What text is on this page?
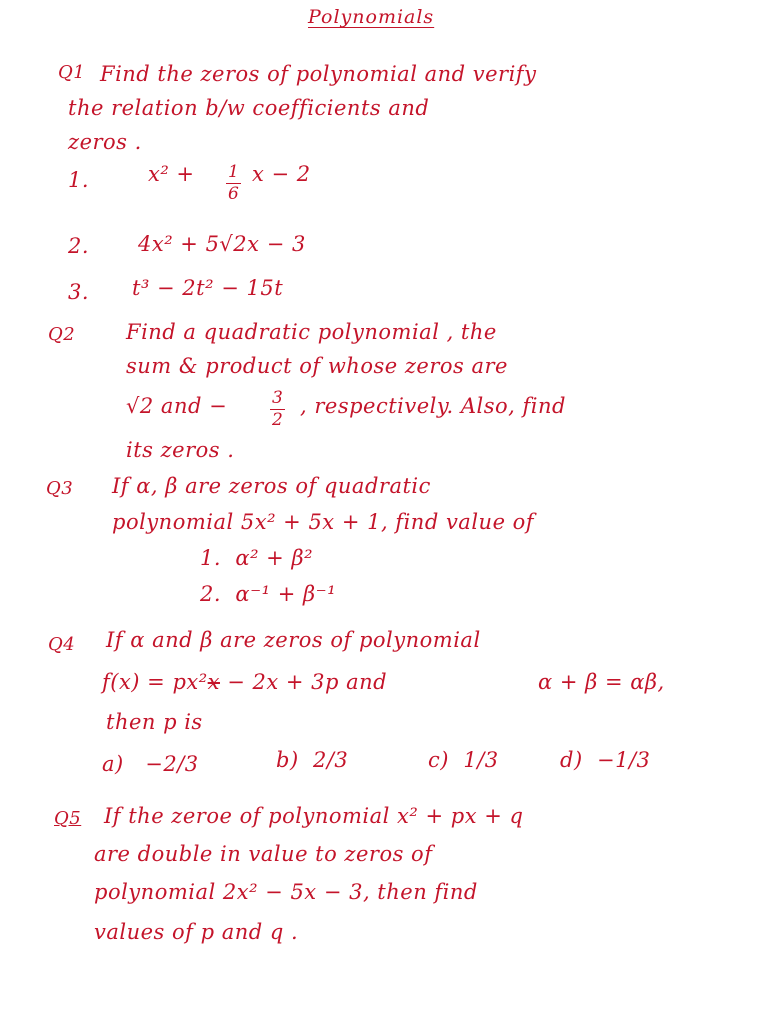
Polynomials
Q1 Find the zeros of polynomial and verify
the relation b/w coefficients and
zeros .
1.	x² + 1
6
x − 2
2. 4x² + 5√2x − 3
3. t³ − 2t² − 15t
Q2 Find a quadratic polynomial , the
sum & product of whose zeros are
√2 and −	3
2
, respectively. Also, find
its zeros .
Q3 If α, β are zeros of quadratic
polynomial 5x² + 5x + 1, find value of
1. α² + β²
2. α⁻¹ + β⁻¹
Q4 If α and β are zeros of polynomial
f(x) = px²x − 2x + 3p and	α + β = αβ,
then p is
a) −2/3	b) 2/3	c) 1/3	d) −1/3
Q5 If the zeroe of polynomial x² + px + q
are double in value to zeros of
polynomial 2x² − 5x − 3, then find
values of p and q .
